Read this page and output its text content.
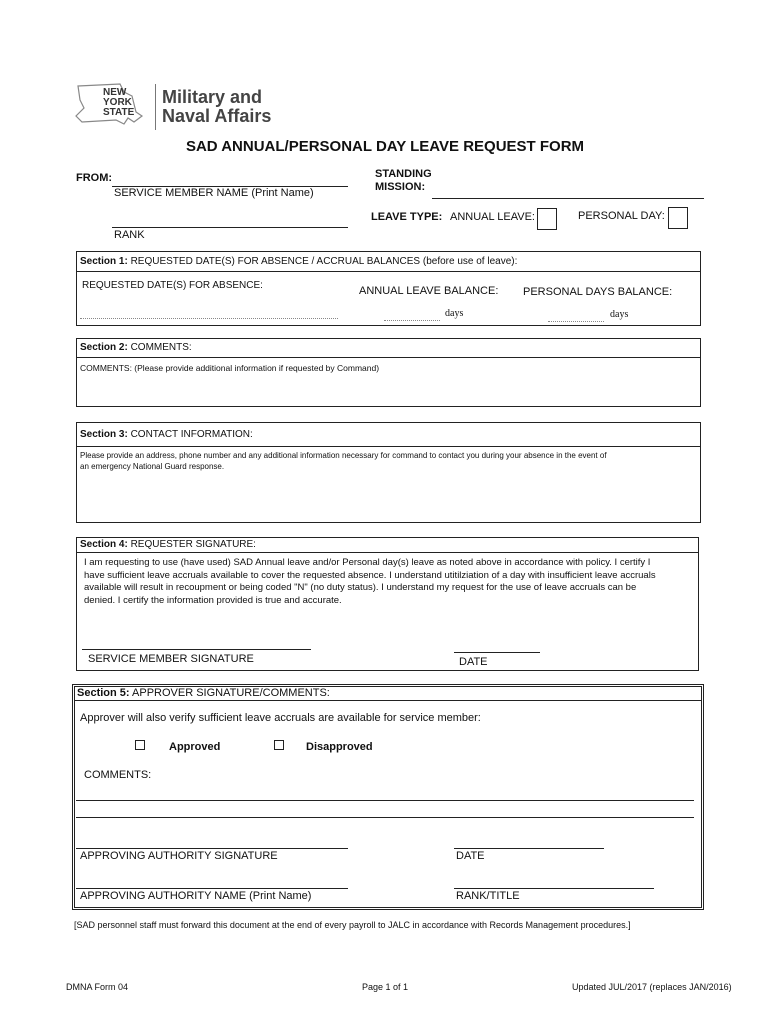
NEW
YORK
STATE
Military and
Naval Affairs
SAD ANNUAL/PERSONAL DAY LEAVE REQUEST FORM
FROM:
SERVICE MEMBER NAME (Print Name)
RANK
STANDING
MISSION:
LEAVE TYPE: ANNUAL LEAVE:	PERSONAL DAY:
Section 1: REQUESTED DATE(S) FOR ABSENCE / ACCRUAL BALANCES (before use of leave):
REQUESTED DATE(S) FOR ABSENCE:	ANNUAL LEAVE BALANCE:
days
PERSONAL DAYS BALANCE:
days
Section 2: COMMENTS:
COMMENTS: (Please provide additional information if requested by Command)
Section 3: CONTACT INFORMATION:
Please provide an address, phone number and any additional information necessary for command to contact you during your absence in the event of
an emergency National Guard response.
Section 4: REQUESTER SIGNATURE:
I am requesting to use (have used) SAD Annual leave and/or Personal day(s) leave as noted above in accordance with policy. I certify I
have sufficient leave accruals available to cover the requested absence. I understand utitilziation of a day with insufficient leave accruals
available will result in recoupment or being coded "N" (no duty status). I understand my request for the use of leave accruals can be
denied. I certify the information provided is true and accurate.
SERVICE MEMBER SIGNATURE	DATE
Section 5: APPROVER SIGNATURE/COMMENTS:
Approver will also verify sufficient leave accruals are available for service member:
Approved	Disapproved
COMMENTS:
APPROVING AUTHORITY SIGNATURE	DATE
APPROVING AUTHORITY NAME (Print Name)	RANK/TITLE
[SAD personnel staff must forward this document at the end of every payroll to JALC in accordance with Records Management procedures.]
DMNA Form 04	Page 1 of 1	Updated JUL/2017 (replaces JAN/2016)
